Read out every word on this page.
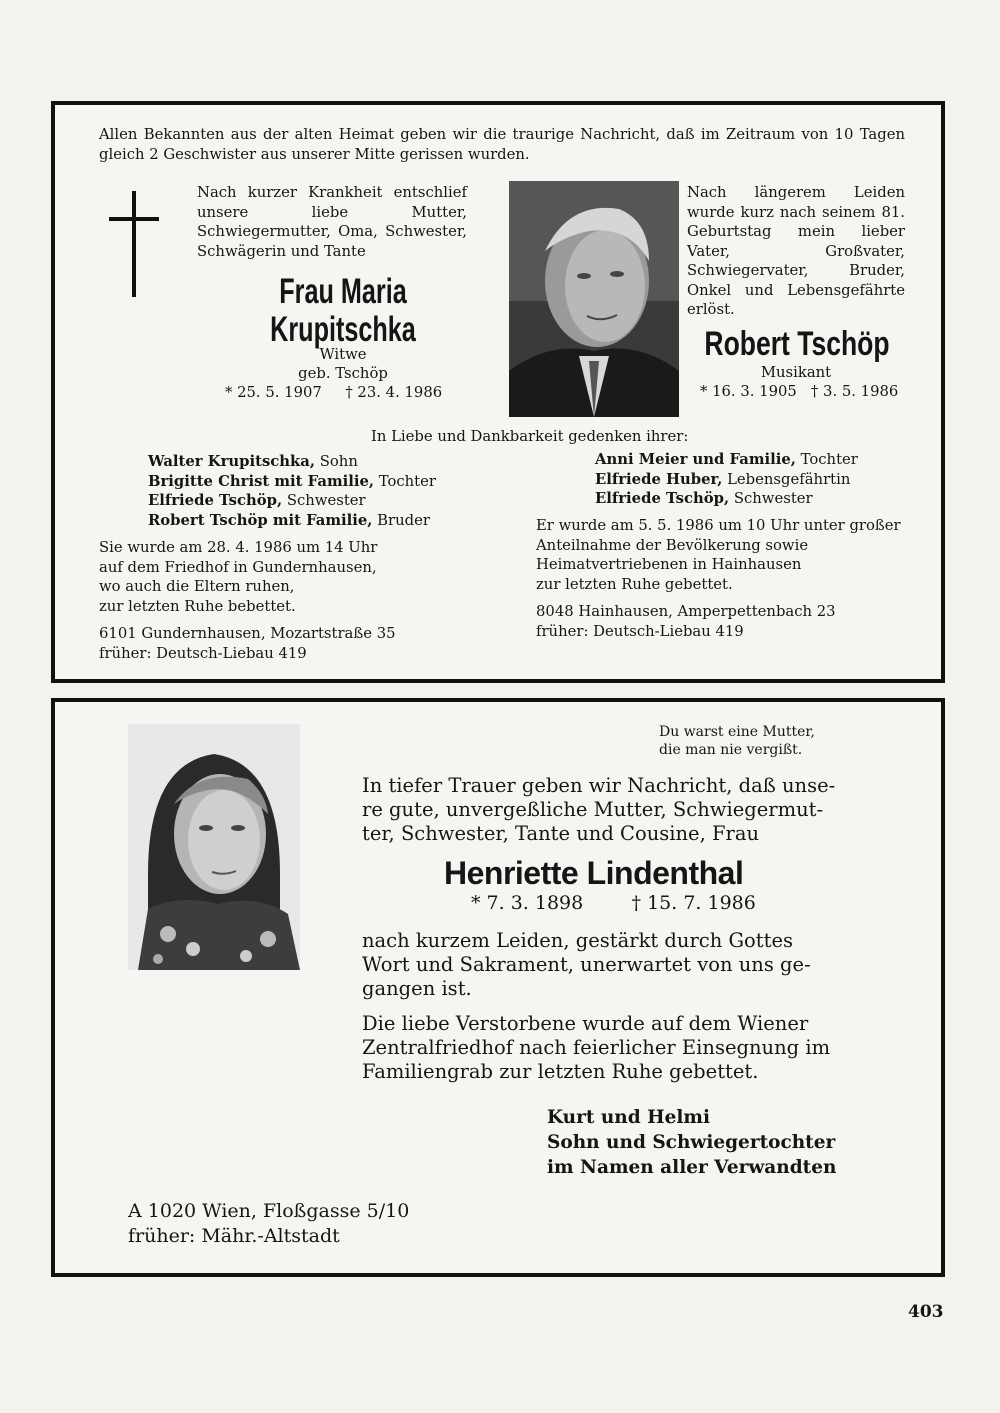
Allen Bekannten aus der alten Heimat geben wir die traurige Nachricht, daß im Zeitraum von 10 Tagen gleich 2 Geschwister aus unserer Mitte gerissen wurden.

Nach kurzer Krankheit entschlief unsere liebe Mutter, Schwiegermutter, Oma, Schwester, Schwägerin und Tante

Frau Maria
Krupitschka
Witwe
geb. Tschöp
* 25. 5. 1907     † 23. 4. 1986

Nach längerem Leiden wurde kurz nach seinem 81. Geburtstag mein lieber Vater, Großvater, Schwiegervater, Bruder, Onkel und Lebensgefährte erlöst.

Robert Tschöp
Musikant
* 16. 3. 1905   † 3. 5. 1986
In Liebe und Dankbarkeit gedenken ihrer:
Walter Krupitschka, Sohn
Brigitte Christ mit Familie, Tochter
Elfriede Tschöp, Schwester
Robert Tschöp mit Familie, Bruder
Anni Meier und Familie, Tochter
Elfriede Huber, Lebensgefährtin
Elfriede Tschöp, Schwester
Sie wurde am 28. 4. 1986 um 14 Uhr
auf dem Friedhof in Gundernhausen,
wo auch die Eltern ruhen,
zur letzten Ruhe bebettet.
6101 Gundernhausen, Mozartstraße 35
früher: Deutsch-Liebau 419
Er wurde am 5. 5. 1986 um 10 Uhr unter großer
Anteilnahme der Bevölkerung sowie
Heimatvertriebenen in Hainhausen
zur letzten Ruhe gebettet.
8048 Hainhausen, Amperpettenbach 23
früher: Deutsch-Liebau 419
Du warst eine Mutter,
die man nie vergißt.
In tiefer Trauer geben wir Nachricht, daß unse-
re gute, unvergeßliche Mutter, Schwiegermut-
ter, Schwester, Tante und Cousine, Frau
Henriette Lindenthal
* 7. 3. 1898        † 15. 7. 1986
nach kurzem Leiden, gestärkt durch Gottes
Wort und Sakrament, unerwartet von uns ge-
gangen ist.
Die liebe Verstorbene wurde auf dem Wiener
Zentralfriedhof nach feierlicher Einsegnung im
Familiengrab zur letzten Ruhe gebettet.
Kurt und Helmi
Sohn und Schwiegertochter
im Namen aller Verwandten
A 1020 Wien, Floßgasse 5/10
früher: Mähr.-Altstadt
403
